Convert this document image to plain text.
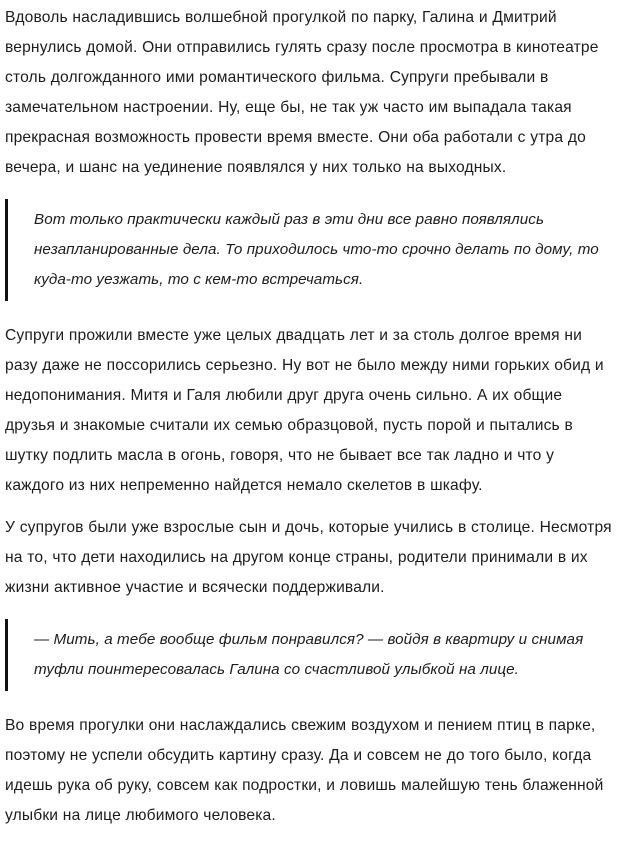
Вдоволь насладившись волшебной прогулкой по парку, Галина и Дмитрий вернулись домой. Они отправились гулять сразу после просмотра в кинотеатре столь долгожданного ими романтического фильма. Супруги пребывали в замечательном настроении. Ну, еще бы, не так уж часто им выпадала такая прекрасная возможность провести время вместе. Они оба работали с утра до вечера, и шанс на уединение появлялся у них только на выходных.

Вот только практически каждый раз в эти дни все равно появлялись незапланированные дела. То приходилось что-то срочно делать по дому, то куда-то уезжать, то с кем-то встречаться.

Супруги прожили вместе уже целых двадцать лет и за столь долгое время ни разу даже не поссорились серьезно. Ну вот не было между ними горьких обид и недопонимания. Митя и Галя любили друг друга очень сильно. А их общие друзья и знакомые считали их семью образцовой, пусть порой и пытались в шутку подлить масла в огонь, говоря, что не бывает все так ладно и что у каждого из них непременно найдется немало скелетов в шкафу.

У супругов были уже взрослые сын и дочь, которые учились в столице. Несмотря на то, что дети находились на другом конце страны, родители принимали в их жизни активное участие и всячески поддерживали.

— Мить, а тебе вообще фильм понравился? — войдя в квартиру и снимая туфли поинтересовалась Галина со счастливой улыбкой на лице.

Во время прогулки они наслаждались свежим воздухом и пением птиц в парке, поэтому не успели обсудить картину сразу. Да и совсем не до того было, когда идешь рука об руку, совсем как подростки, и ловишь малейшую тень блаженной улыбки на лице любимого человека.
